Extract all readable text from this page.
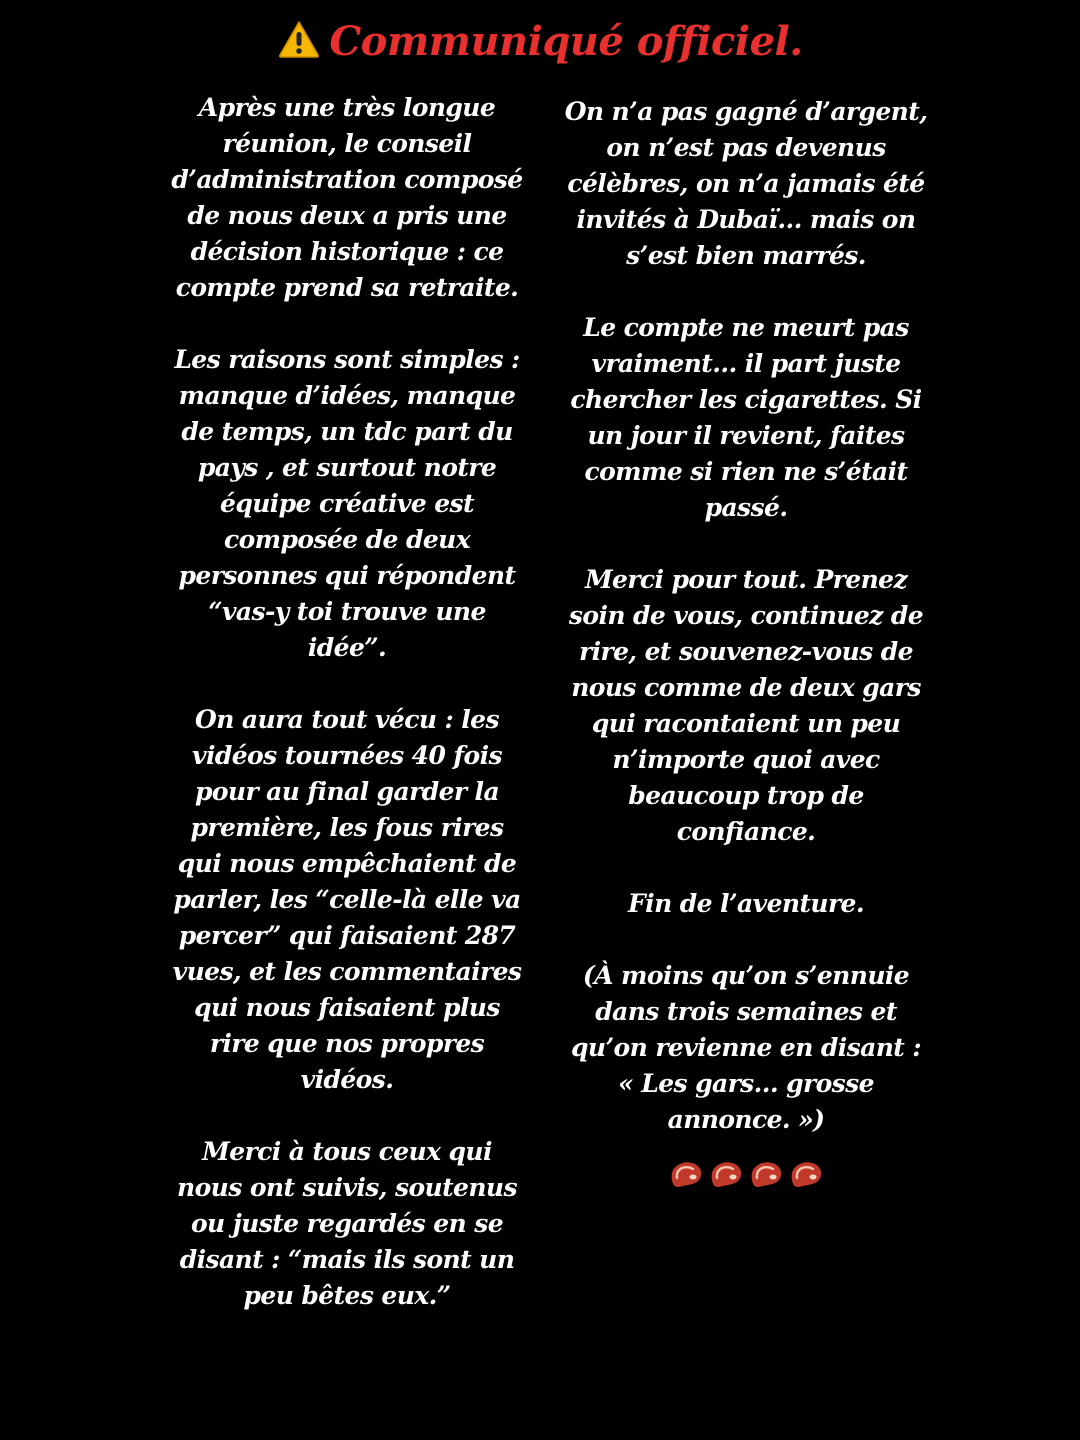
Communiqué officiel.

Après une très longue réunion, le conseil d’administration composé de nous deux a pris une décision historique : ce compte prend sa retraite.

Les raisons sont simples : manque d’idées, manque de temps, un tdc part du pays , et surtout notre équipe créative est composée de deux personnes qui répondent “vas-y toi trouve une idée”.

On aura tout vécu : les vidéos tournées 40 fois pour au final garder la première, les fous rires qui nous empêchaient de parler, les “celle-là elle va percer” qui faisaient 287 vues, et les commentaires qui nous faisaient plus rire que nos propres vidéos.

Merci à tous ceux qui nous ont suivis, soutenus ou juste regardés en se disant : “mais ils sont un peu bêtes eux.”

On n’a pas gagné d’argent, on n’est pas devenus célèbres, on n’a jamais été invités à Dubaï… mais on s’est bien marrés.

Le compte ne meurt pas vraiment… il part juste chercher les cigarettes. Si un jour il revient, faites comme si rien ne s’était passé.

Merci pour tout. Prenez soin de vous, continuez de rire, et souvenez-vous de nous comme de deux gars qui racontaient un peu n’importe quoi avec beaucoup trop de confiance.

Fin de l’aventure.

(À moins qu’on s’ennuie dans trois semaines et qu’on revienne en disant : « Les gars… grosse annonce. »)
